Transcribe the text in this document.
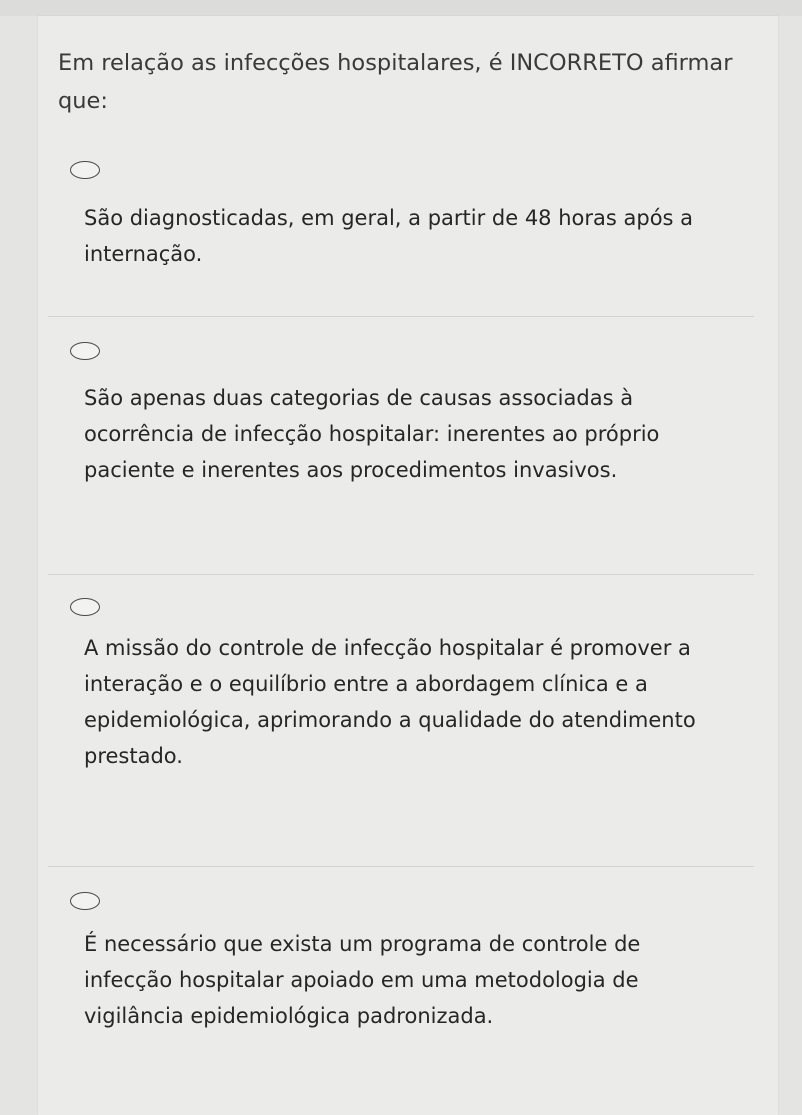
Em relação as infecções hospitalares, é INCORRETO afirmar que:

São diagnosticadas, em geral, a partir de 48 horas após a internação.
São apenas duas categorias de causas associadas à ocorrência de infecção hospitalar: inerentes ao próprio paciente e inerentes aos procedimentos invasivos.
A missão do controle de infecção hospitalar é promover a interação e o equilíbrio entre a abordagem clínica e a epidemiológica, aprimorando a qualidade do atendimento prestado.
É necessário que exista um programa de controle de infecção hospitalar apoiado em uma metodologia de vigilância epidemiológica padronizada.
